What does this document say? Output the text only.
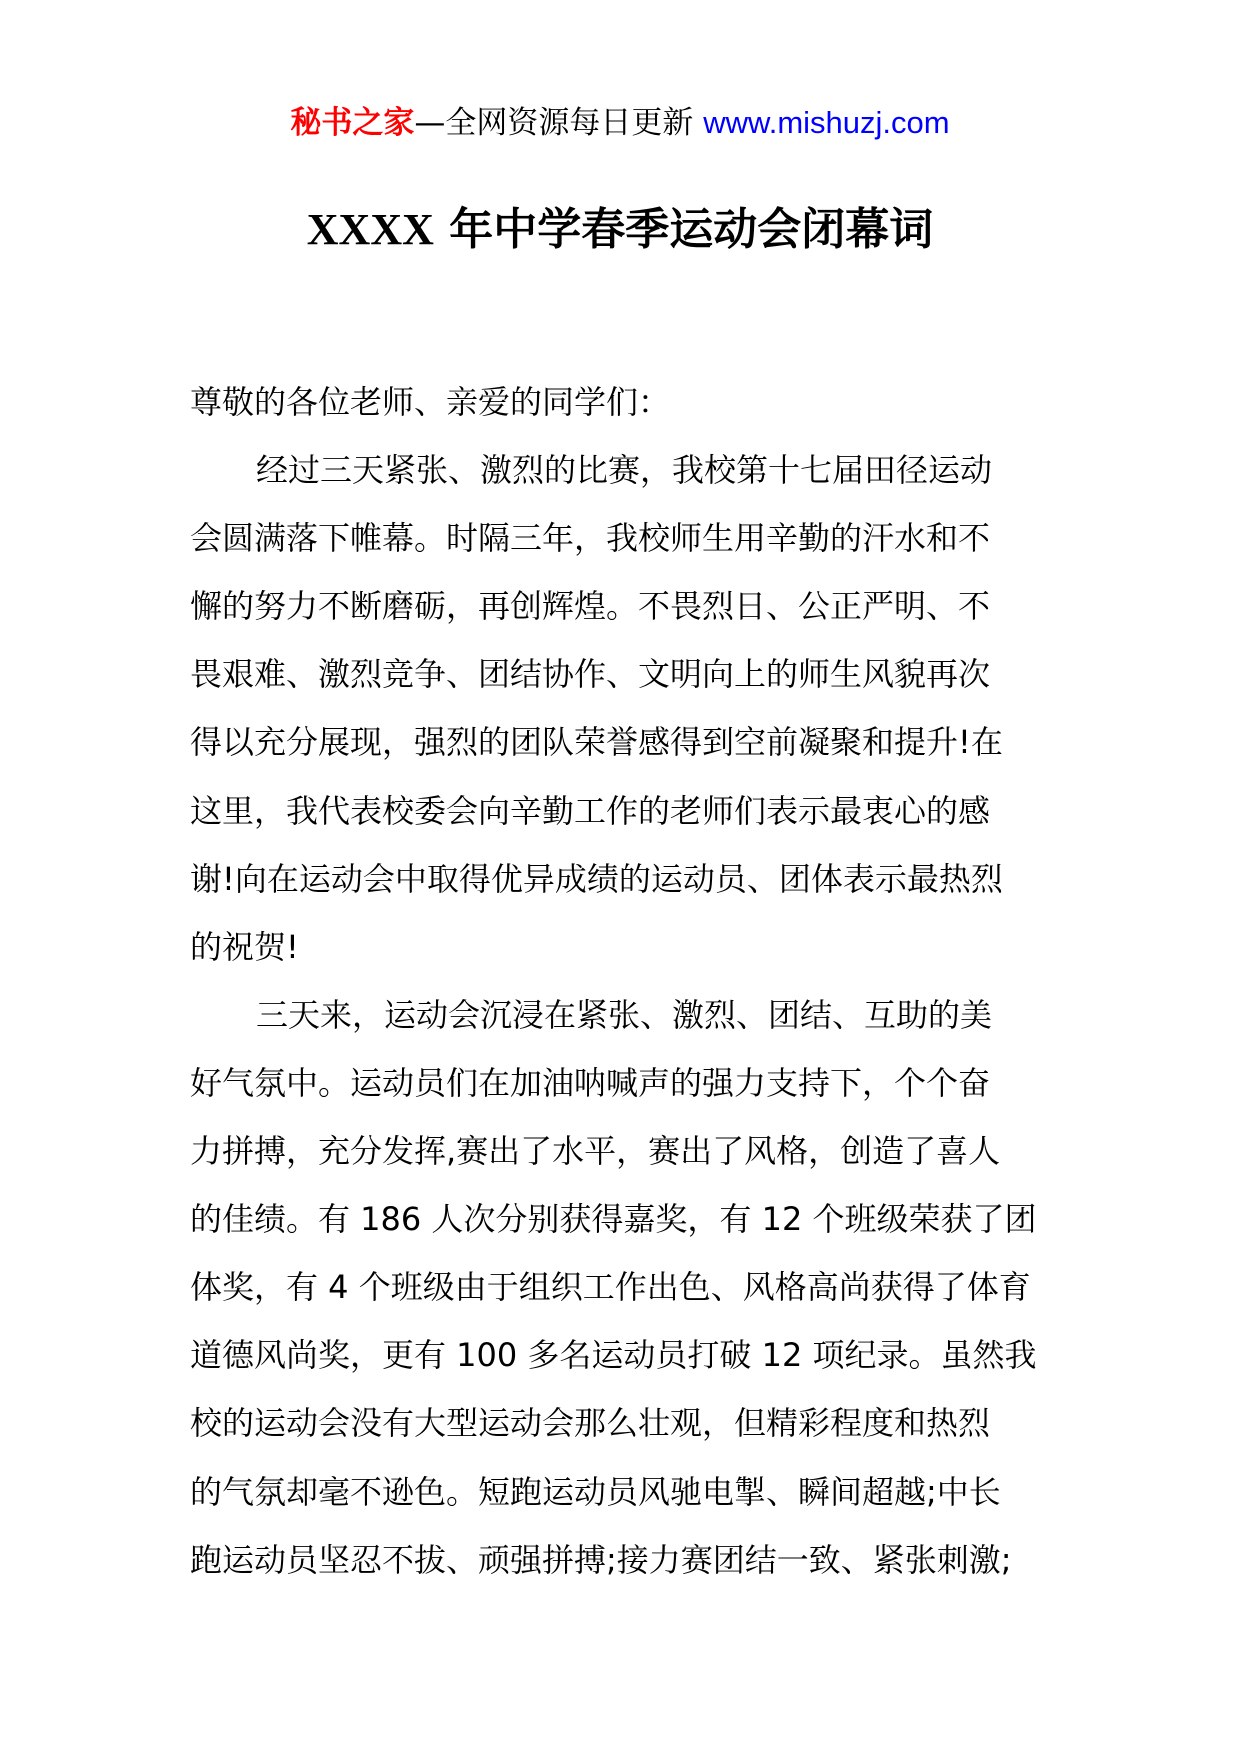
秘书之家—全网资源每日更新 www.mishuzj.com
XXXX 年中学春季运动会闭幕词
尊敬的各位老师、亲爱的同学们：
经过三天紧张、激烈的比赛，我校第十七届田径运动
会圆满落下帷幕。时隔三年，我校师生用辛勤的汗水和不
懈的努力不断磨砺，再创辉煌。不畏烈日、公正严明、不
畏艰难、激烈竞争、团结协作、文明向上的师生风貌再次
得以充分展现，强烈的团队荣誉感得到空前凝聚和提升!在
这里，我代表校委会向辛勤工作的老师们表示最衷心的感
谢!向在运动会中取得优异成绩的运动员、团体表示最热烈
的祝贺!
三天来，运动会沉浸在紧张、激烈、团结、互助的美
好气氛中。运动员们在加油呐喊声的强力支持下，个个奋
力拼搏，充分发挥,赛出了水平，赛出了风格，创造了喜人
的佳绩。有 186 人次分别获得嘉奖，有 12 个班级荣获了团
体奖，有 4 个班级由于组织工作出色、风格高尚获得了体育
道德风尚奖，更有 100 多名运动员打破 12 项纪录。虽然我
校的运动会没有大型运动会那么壮观，但精彩程度和热烈
的气氛却毫不逊色。短跑运动员风驰电掣、瞬间超越;中长
跑运动员坚忍不拔、顽强拼搏;接力赛团结一致、紧张刺激;
